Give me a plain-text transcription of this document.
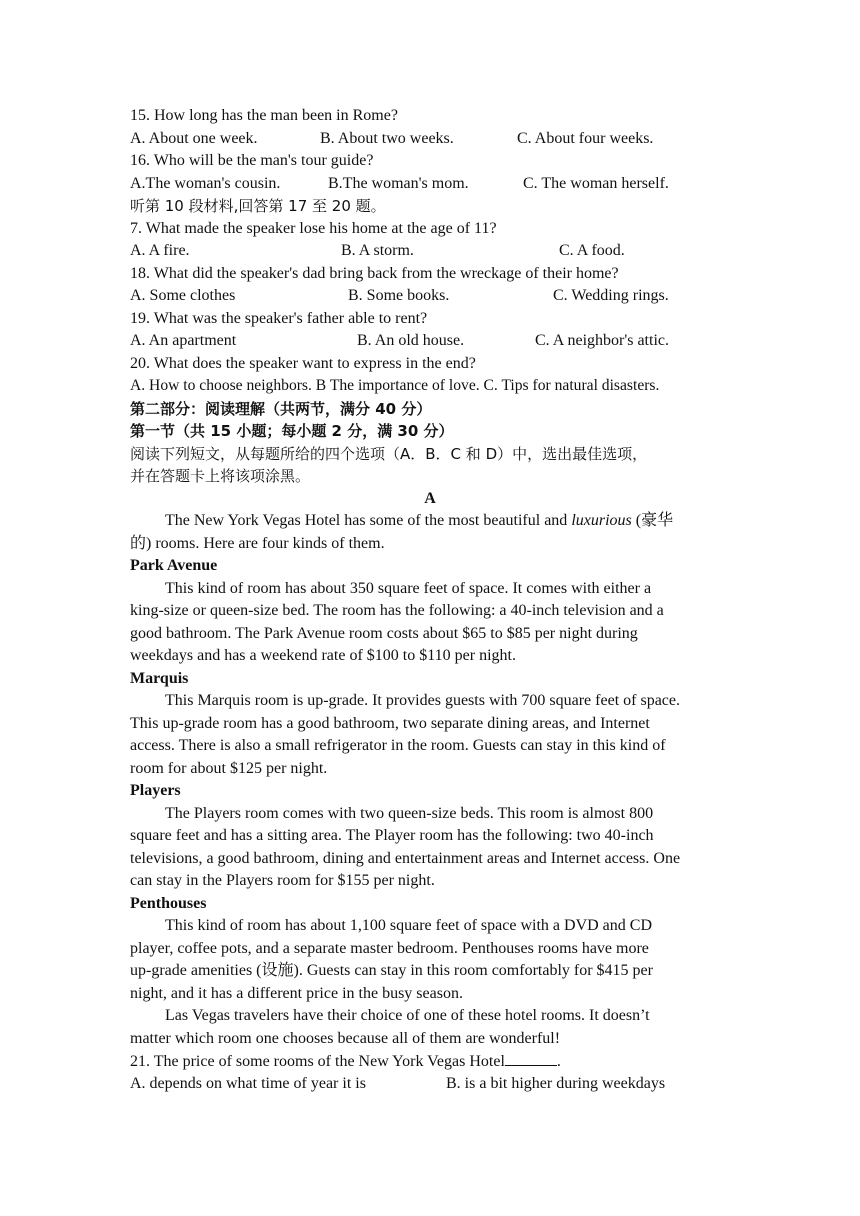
15. How long has the man been in Rome?
A. About one week.	B. About two weeks.	C. About four weeks.
16. Who will be the man's tour guide?
A.The woman's cousin.	B.The woman's mom.	C. The woman herself.
听第 10 段材料,回答第 17 至 20 题。
7. What made the speaker lose his home at the age of 11?
A. A fire.	B. A storm.	C. A food.
18. What did the speaker's dad bring back from the wreckage of their home?
A. Some clothes	B. Some books.	C. Wedding rings.
19. What was the speaker's father able to rent?
A. An apartment	B. An old house.	C. A neighbor's attic.
20. What does the speaker want to express in the end?
A. How to choose neighbors. B The importance of love. C. Tips for natural disasters.
第二部分：阅读理解（共两节，满分 40 分）
第一节（共 15 小题；每小题 2 分，满 30 分）
阅读下列短文，从每题所给的四个选项（A．B．C 和 D）中，选出最佳选项，
并在答题卡上将该项涂黑。
A
The New York Vegas Hotel has some of the most beautiful and luxurious (豪华
的) rooms. Here are four kinds of them.
Park Avenue
This kind of room has about 350 square feet of space. It comes with either a
king-size or queen-size bed. The room has the following: a 40-inch television and a
good bathroom. The Park Avenue room costs about $65 to $85 per night during
weekdays and has a weekend rate of $100 to $110 per night.
Marquis
This Marquis room is up-grade. It provides guests with 700 square feet of space.
This up-grade room has a good bathroom, two separate dining areas, and Internet
access. There is also a small refrigerator in the room. Guests can stay in this kind of
room for about $125 per night.
Players
The Players room comes with two queen-size beds. This room is almost 800
square feet and has a sitting area. The Player room has the following: two 40-inch
televisions, a good bathroom, dining and entertainment areas and Internet access. One
can stay in the Players room for $155 per night.
Penthouses
This kind of room has about 1,100 square feet of space with a DVD and CD
player, coffee pots, and a separate master bedroom. Penthouses rooms have more
up-grade amenities (设施). Guests can stay in this room comfortably for $415 per
night, and it has a different price in the busy season.
Las Vegas travelers have their choice of one of these hotel rooms. It doesn’t
matter which room one chooses because all of them are wonderful!
21. The price of some rooms of the New York Vegas Hotel	.
A. depends on what time of year it is	B. is a bit higher during weekdays
